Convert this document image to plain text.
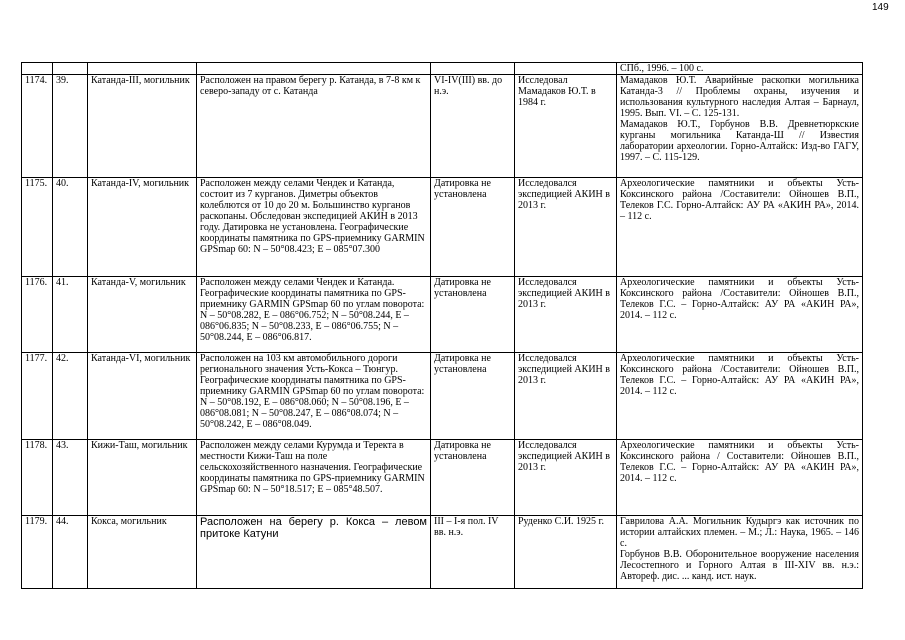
149
						СПб., 1996. – 100 с.
1174.	39.	Катанда-III, могильник	Расположен на правом берегу р. Катанда, в 7-8 км к северо-западу от с. Катанда	VI-IV(III) вв. до н.э.	Исследовал Мамадаков Ю.Т. в 1984 г.	Мамадаков Ю.Т. Аварийные раскопки могильника Катанда-3 // Проблемы охраны, изучения и использования культурного наследия Алтая – Барнаул, 1995. Вып. VI. – С. 125-131.
Мамадаков Ю.Т., Горбунов В.В. Древнетюркские курганы могильника Катанда-Ш // Известия лаборатории археологии. Горно-Алтайск: Изд-во ГАГУ, 1997. – С. 115-129.

1175.	40.	Катанда-IV, могильник	Расположен между селами Чендек и Катанда, состоит из 7 курганов. Диметры объектов колеблются от 10 до 20 м. Большинство курганов раскопаны. Обследован экспедицией АКИН в 2013 году. Датировка не установлена. Географические координаты памятника по GPS-приемнику GARMIN GPSmap 60: N – 50°08.423; E – 085°07.300	Датировка не установлена	Исследовался экспедицией АКИН в 2013 г.	Археологические памятники и объекты Усть-Коксинского района /Составители: Ойношев В.П., Телеков Г.С. Горно-Алтайск: АУ РА «АКИН РА», 2014. – 112 с.

1176.	41.	Катанда-V, могильник	Расположен между селами Чендек и Катанда. Географические координаты памятника по GPS-приемнику GARMIN GPSmap 60 по углам поворота: N – 50°08.282, E – 086°06.752; N – 50°08.244, E – 086°06.835; N – 50°08.233, E – 086°06.755; N – 50°08.244, E – 086°06.817.	Датировка не установлена	Исследовался экспедицией АКИН в 2013 г.	Археологические памятники и объекты Усть-Коксинского района /Составители: Ойношев В.П., Телеков Г.С. – Горно-Алтайск: АУ РА «АКИН РА», 2014. – 112 с.

1177.	42.	Катанда-VI, могильник	Расположен на 103 км автомобильного дороги регионального значения Усть-Кокса – Тюнгур. Географические координаты памятника по GPS-приемнику GARMIN GPSmap 60 по углам поворота: N – 50°08.192, E – 086°08.060; N – 50°08.196, E – 086°08.081; N – 50°08.247, E – 086°08.074; N – 50°08.242, E – 086°08.049.	Датировка не установлена	Исследовался экспедицией АКИН в 2013 г.	Археологические памятники и объекты Усть-Коксинского района /Составители: Ойношев В.П., Телеков Г.С. – Горно-Алтайск: АУ РА «АКИН РА», 2014. – 112 с.

1178.	43.	Кижи-Таш, могильник	Расположен между селами Курумда и Теректа в местности Кижи-Таш на поле сельскохозяйственного назначения. Географические координаты памятника по GPS-приемнику GARMIN GPSmap 60: N – 50°18.517; E – 085°48.507.	Датировка не установлена	Исследовался экспедицией АКИН в 2013 г.	Археологические памятники и объекты Усть-Коксинского района / Составители: Ойношев В.П., Телеков Г.С. – Горно-Алтайск: АУ РА «АКИН РА», 2014. – 112 с.

1179.	44.	Кокса, могильник	Расположен на берегу р. Кокса – левом притоке Катуни	III – I-я пол. IV вв. н.э.	Руденко С.И. 1925 г.	Гаврилова А.А. Могильник Кудыргэ как источник по истории алтайских племен. – М.; Л.: Наука, 1965. – 146 с.
Горбунов В.В. Оборонительное вооружение населения Лесостепного и Горного Алтая в III-XIV вв. н.э.: Автореф. дис. ... канд. ист. наук.
